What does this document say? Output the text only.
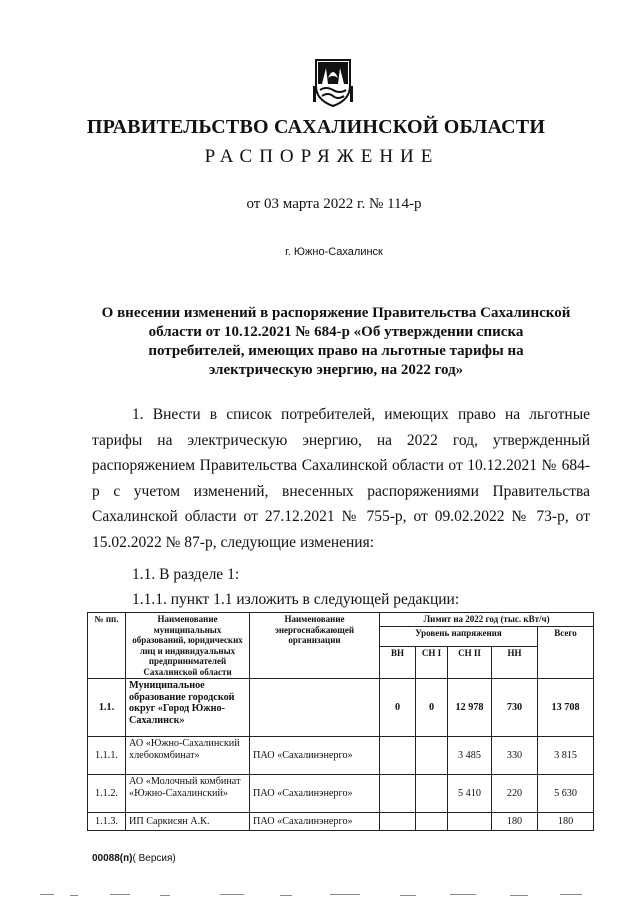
ПРАВИТЕЛЬСТВО САХАЛИНСКОЙ ОБЛАСТИ
РАСПОРЯЖЕНИЕ
от 03 марта 2022 г. № 114-р
г. Южно-Сахалинск
О внесении изменений в распоряжение Правительства Сахалинской области от 10.12.2021 № 684-р «Об утверждении списка потребителей, имеющих право на льготные тарифы на электрическую энергию, на 2022 год»
1. Внести в список потребителей, имеющих право на льготные тарифы на электрическую энергию, на 2022 год, утвержденный распоряжением Правительства Сахалинской области от 10.12.2021 № 684-р с учетом изменений, внесенных распоряжениями Правительства Сахалинской области от 27.12.2021 № 755-р, от 09.02.2022 № 73-р, от 15.02.2022 № 87-р, следующие изменения:
1.1. В разделе 1:
1.1.1. пункт 1.1 изложить в следующей редакции:
№ пп.	Наименование муниципальных образований, юридических лиц и индивидуальных предпринимателей Сахалинской области	Наименование энергоснабжающей организации	Лимит на 2022 год (тыс. кВт/ч)				
			Уровень напряжения				Всего
			ВН	СН I	СН II	НН	
1.1.	Муниципальное образование городской округ «Город Южно-Сахалинск»		0	0	12 978	730	13 708
1.1.1.	АО «Южно-Сахалинский хлебокомбинат»	ПАО «Сахалинэнерго»			3 485	330	3 815
1.1.2.	АО «Молочный комбинат «Южно-Сахалинский»	ПАО «Сахалинэнерго»			5 410	220	5 630
1.1.3.	ИП Саркисян А.К.	ПАО «Сахалинэнерго»				180	180
00088(п)( Версия)
